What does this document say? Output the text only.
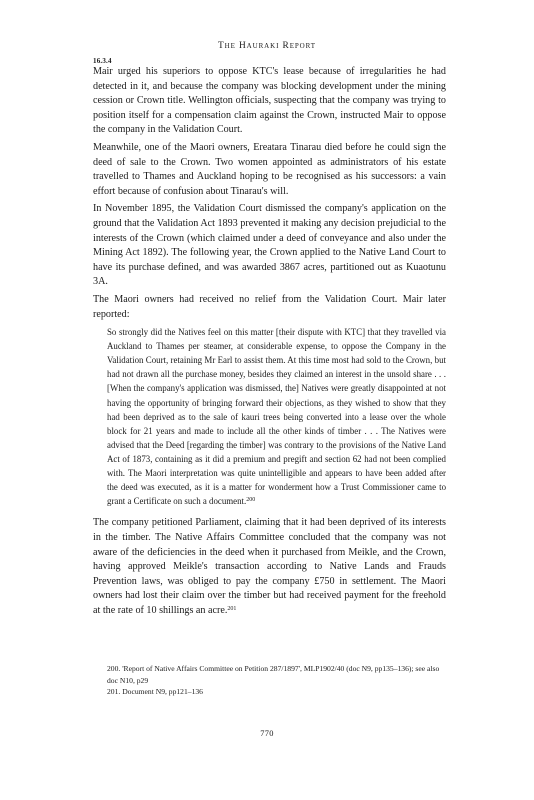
The Hauraki Report
16.3.4

Mair urged his superiors to oppose KTC's lease because of irregularities he had detected in it, and because the company was blocking development under the mining cession or Crown title. Wellington officials, suspecting that the company was trying to position itself for a compensation claim against the Crown, instructed Mair to oppose the company in the Validation Court.

Meanwhile, one of the Maori owners, Ereatara Tinarau died before he could sign the deed of sale to the Crown. Two women appointed as administrators of his estate travelled to Thames and Auckland hoping to be recognised as his successors: a vain effort because of confusion about Tinarau's will.

In November 1895, the Validation Court dismissed the company's application on the ground that the Validation Act 1893 prevented it making any decision prejudicial to the interests of the Crown (which claimed under a deed of conveyance and also under the Mining Act 1892). The following year, the Crown applied to the Native Land Court to have its purchase defined, and was awarded 3867 acres, partitioned out as Kuaotunu 3A.

The Maori owners had received no relief from the Validation Court. Mair later reported:

So strongly did the Natives feel on this matter [their dispute with KTC] that they travelled via Auckland to Thames per steamer, at considerable expense, to oppose the Company in the Validation Court, retaining Mr Earl to assist them. At this time most had sold to the Crown, but had not drawn all the purchase money, besides they claimed an interest in the unsold share . . . [When the company's application was dismissed, the] Natives were greatly disappointed at not having the opportunity of bringing forward their objections, as they wished to show that they had been deprived as to the sale of kauri trees being converted into a lease over the whole block for 21 years and made to include all the other kinds of timber . . . The Natives were advised that the Deed [regarding the timber] was contrary to the provisions of the Native Land Act of 1873, containing as it did a premium and pregift and section 62 had not been complied with. The Maori interpretation was quite unintelligible and appears to have been added after the deed was executed, as it is a matter for wonderment how a Trust Commissioner came to grant a Certificate on such a document.$^{200}$

The company petitioned Parliament, claiming that it had been deprived of its interests in the timber. The Native Affairs Committee concluded that the company was not aware of the deficiencies in the deed when it purchased from Meikle, and the Crown, having approved Meikle's transaction according to Native Lands and Frauds Prevention laws, was obliged to pay the company £750 in settlement. The Maori owners had lost their claim over the timber but had received payment for the freehold at the rate of 10 shillings an acre.$^{201}$

200. 'Report of Native Affairs Committee on Petition 287/1897', MLP1902/40 (doc N9, pp135–136); see also doc N10, p29

201. Document N9, pp121–136

770
